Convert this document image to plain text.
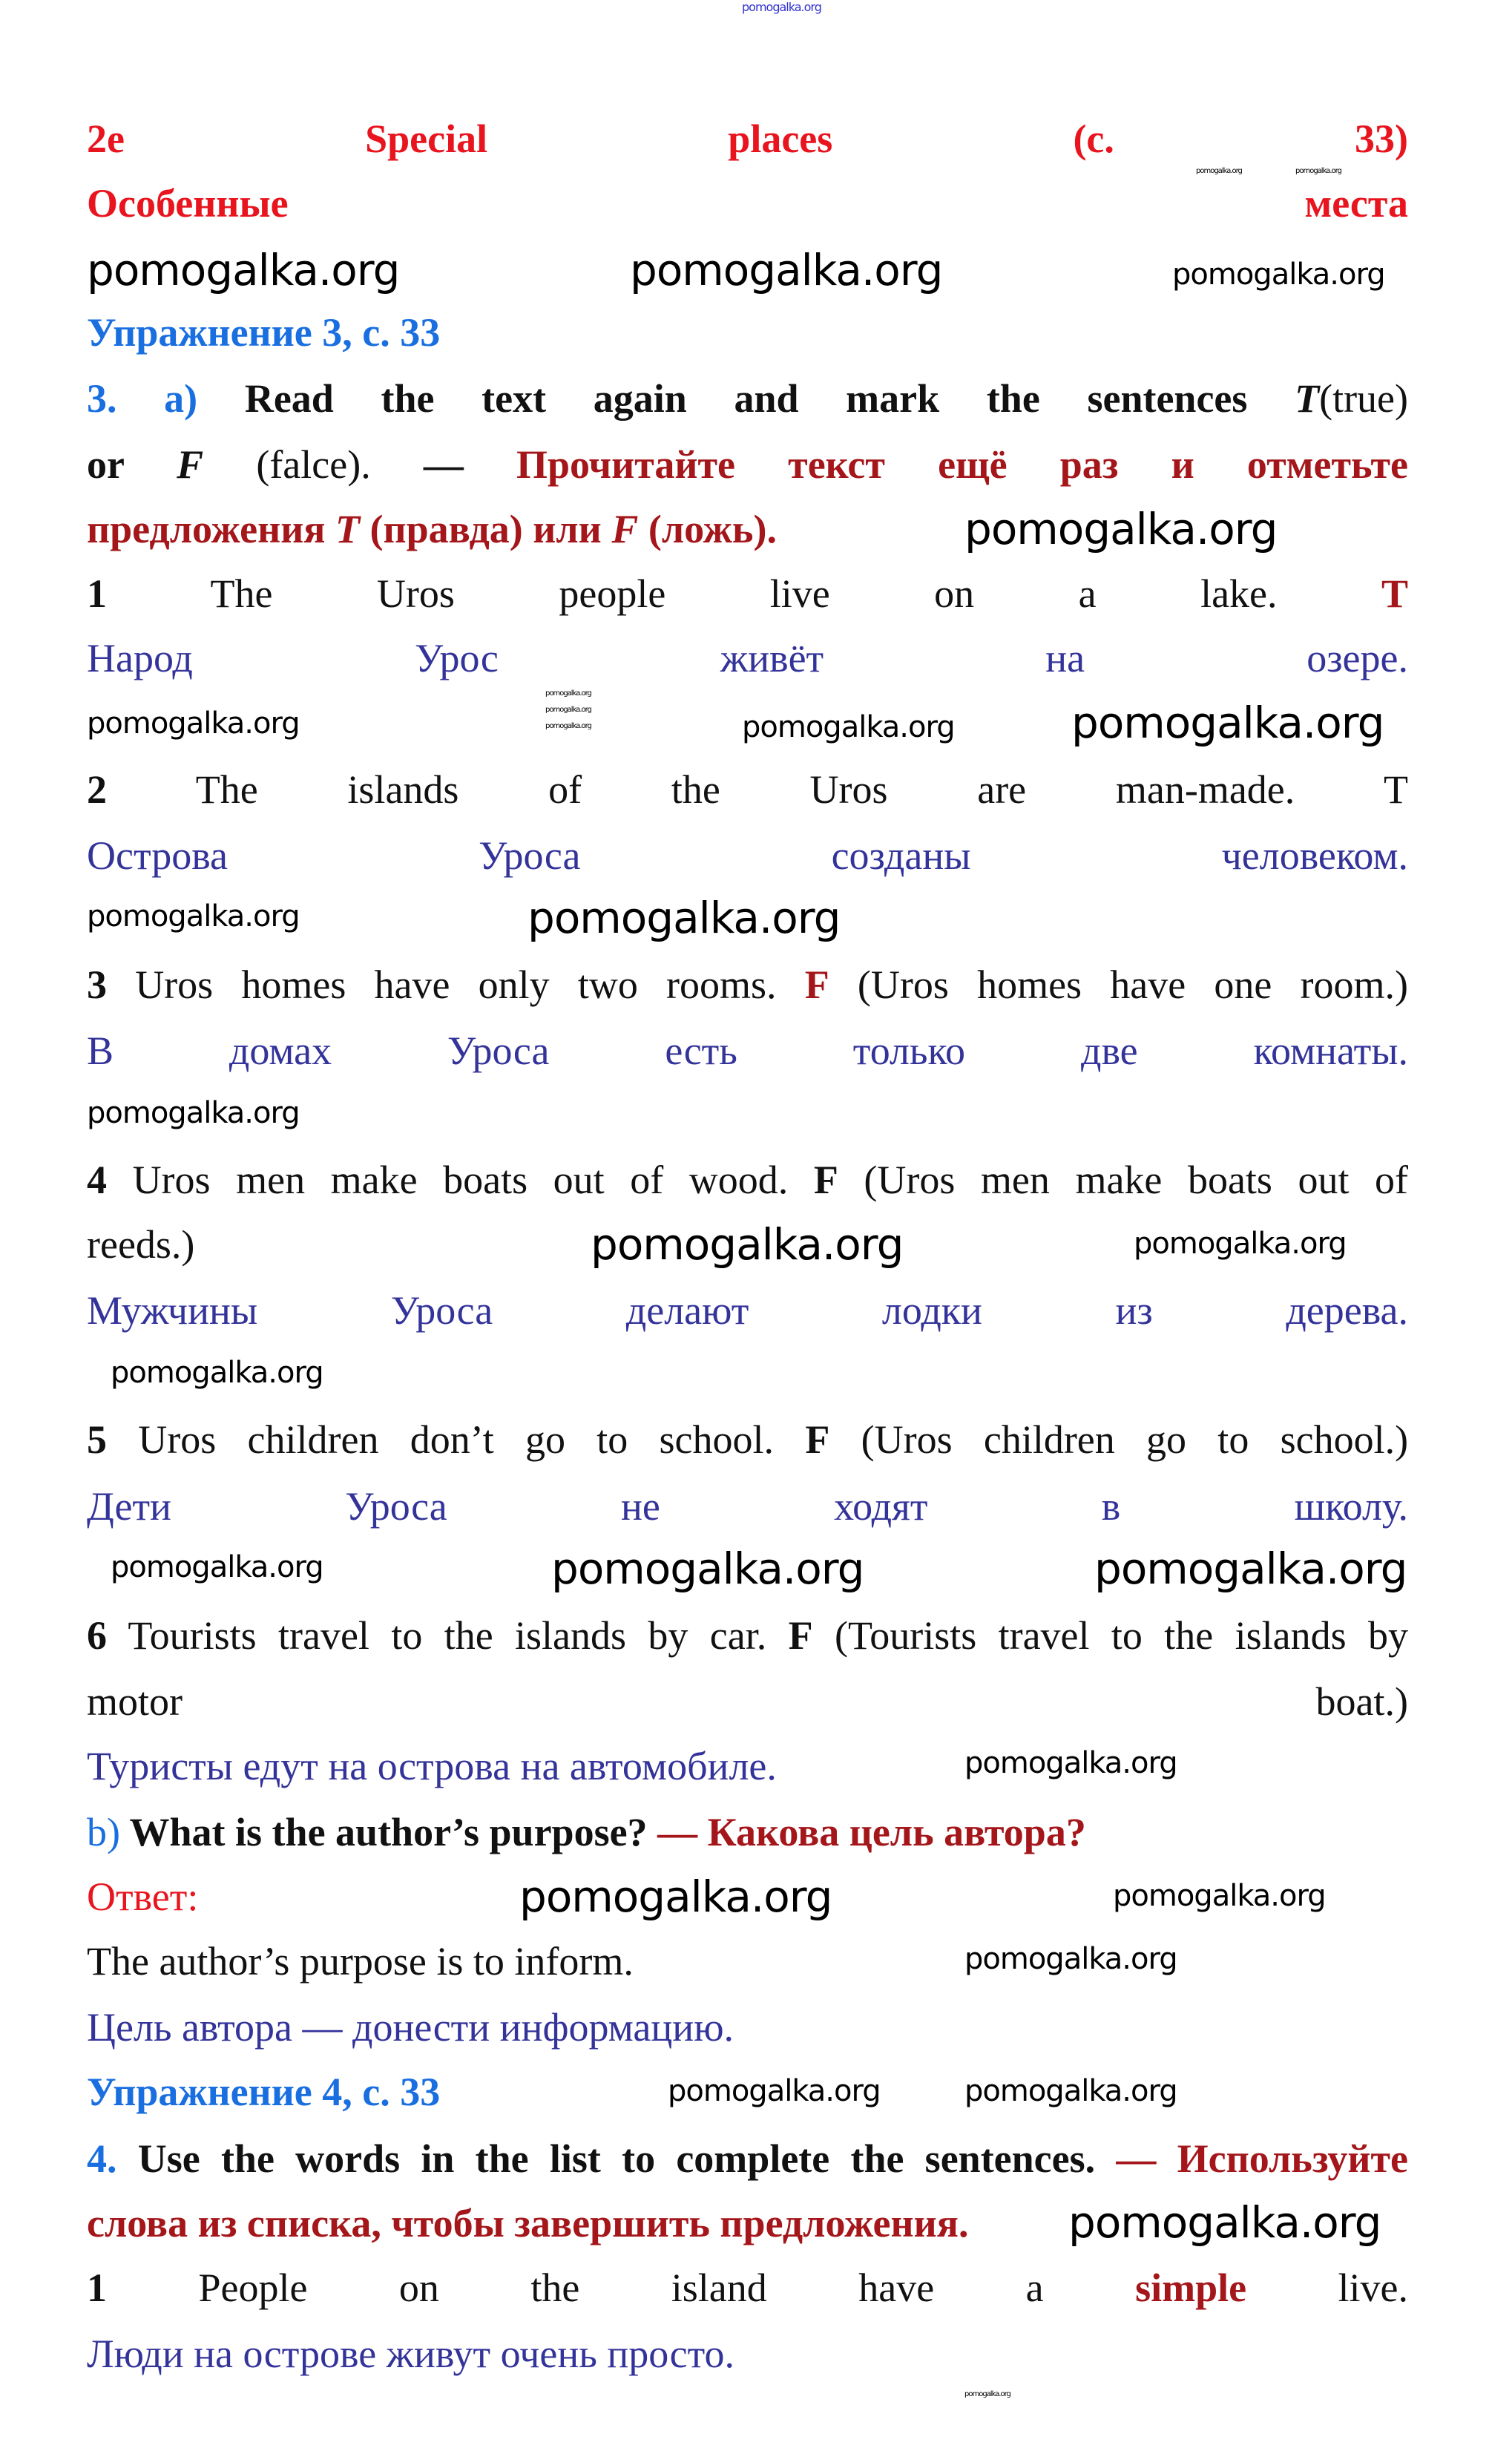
2e Special	places	(c.	33)
Особенные	места
Упражнение 3, с. 33
3. a) Read the text again and mark the sentences T(true)
or F (falce). — Прочитайте текст ещё раз и отметьте
предложения T (правда) или F (ложь).
1	The Uros people live on a lake.	T
Народ Урос живёт на озере.
2 The islands of the Uros are man-made. T
Острова Уроса созданы человеком.
3 Uros homes have only two rooms. F (Uros homes have one room.)
В домах Уроса есть только две комнаты.
4 Uros men make boats out of wood. F (Uros men make boats out of
reeds.)
Мужчины Уроса делают лодки из дерева.
5 Uros children don’t go to school. F (Uros children go to school.)
Дети Уроса не ходят в школу.
6 Tourists travel to the islands by car. F (Tourists travel to the islands by
motor boat.)
Туристы едут на острова на автомобиле.
b) What is the author’s purpose? — Какова цель автора?
Ответ:
The author’s purpose is to inform.
Цель автора — донести информацию.
Упражнение 4, с. 33
4. Use the words in the list to complete the sentences. — Используйте
слова из списка, чтобы завершить предложения.
1 People on the island have a simple live.
Люди на острове живут очень просто.
pomogalka.org
pomogalka.org	pomogalka.org
pomogalka.org	pomogalka.org	pomogalka.org
pomogalka.org
pomogalka.org
pomogalka.org
pomogalka.org
pomogalka.org	pomogalka.org	pomogalka.org
pomogalka.org	pomogalka.org
pomogalka.org
pomogalka.org	pomogalka.org
pomogalka.org
pomogalka.org	pomogalka.org	pomogalka.org
pomogalka.org
pomogalka.org	pomogalka.org
pomogalka.org
pomogalka.org	pomogalka.org
pomogalka.org
pomogalka.org
